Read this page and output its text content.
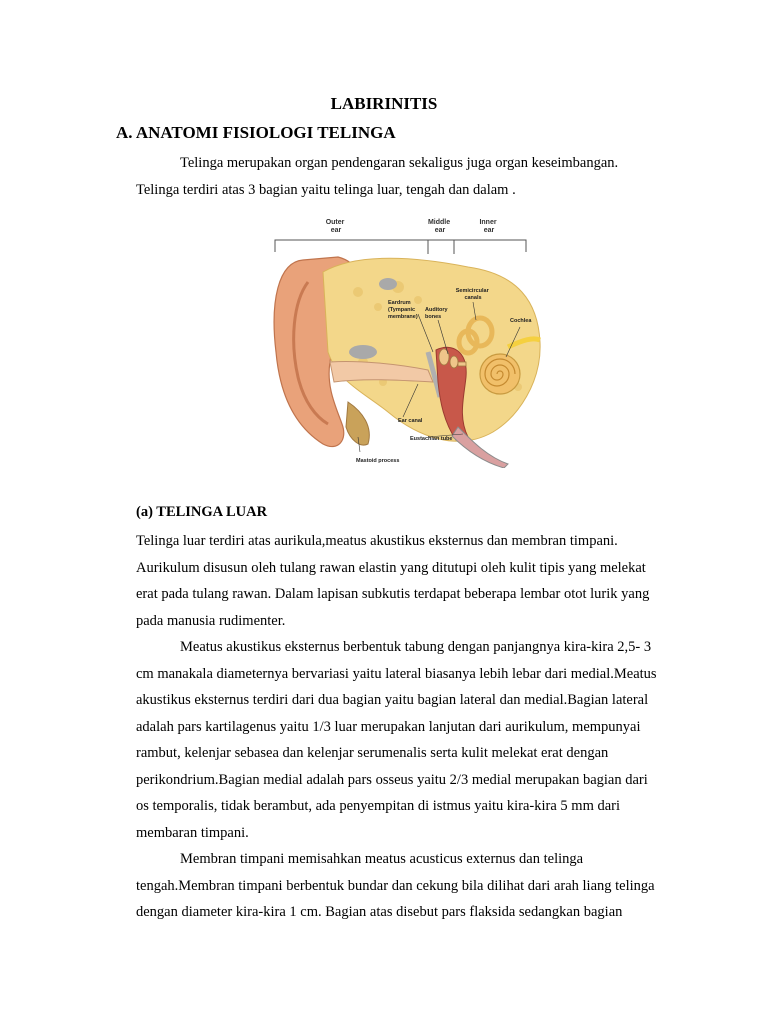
LABIRINITIS
A. ANATOMI FISIOLOGI TELINGA
Telinga merupakan organ pendengaran sekaligus juga organ keseimbangan.
Telinga terdiri atas 3 bagian yaitu telinga luar, tengah dan dalam .
Outer ear
Middle ear
Inner ear
Eardrum (Tympanic membrane)
Auditory bones
Semicircular canals
Cochlea
Ear canal
Eustachian tube
Mastoid process
(a) TELINGA LUAR
Telinga luar terdiri atas aurikula,meatus akustikus eksternus dan membran timpani.
Aurikulum disusun oleh tulang rawan elastin yang ditutupi oleh kulit tipis yang melekat
erat pada tulang rawan. Dalam lapisan subkutis terdapat beberapa lembar otot lurik yang
pada manusia rudimenter.
Meatus akustikus eksternus berbentuk tabung dengan panjangnya kira-kira 2,5- 3
cm manakala diameternya bervariasi yaitu lateral biasanya lebih lebar dari medial.Meatus
akustikus eksternus terdiri dari dua bagian yaitu bagian lateral dan medial.Bagian lateral
adalah pars kartilagenus yaitu 1/3 luar merupakan lanjutan dari aurikulum, mempunyai
rambut, kelenjar sebasea dan kelenjar serumenalis serta kulit melekat erat dengan
perikondrium.Bagian medial adalah pars osseus yaitu 2/3 medial merupakan bagian dari
os temporalis, tidak berambut, ada penyempitan di istmus yaitu kira-kira 5 mm dari
membaran timpani.
Membran timpani memisahkan meatus acusticus externus dan telinga
tengah.Membran timpani berbentuk bundar dan cekung bila dilihat dari arah liang telinga
dengan diameter kira-kira 1 cm. Bagian atas disebut pars flaksida sedangkan bagian
